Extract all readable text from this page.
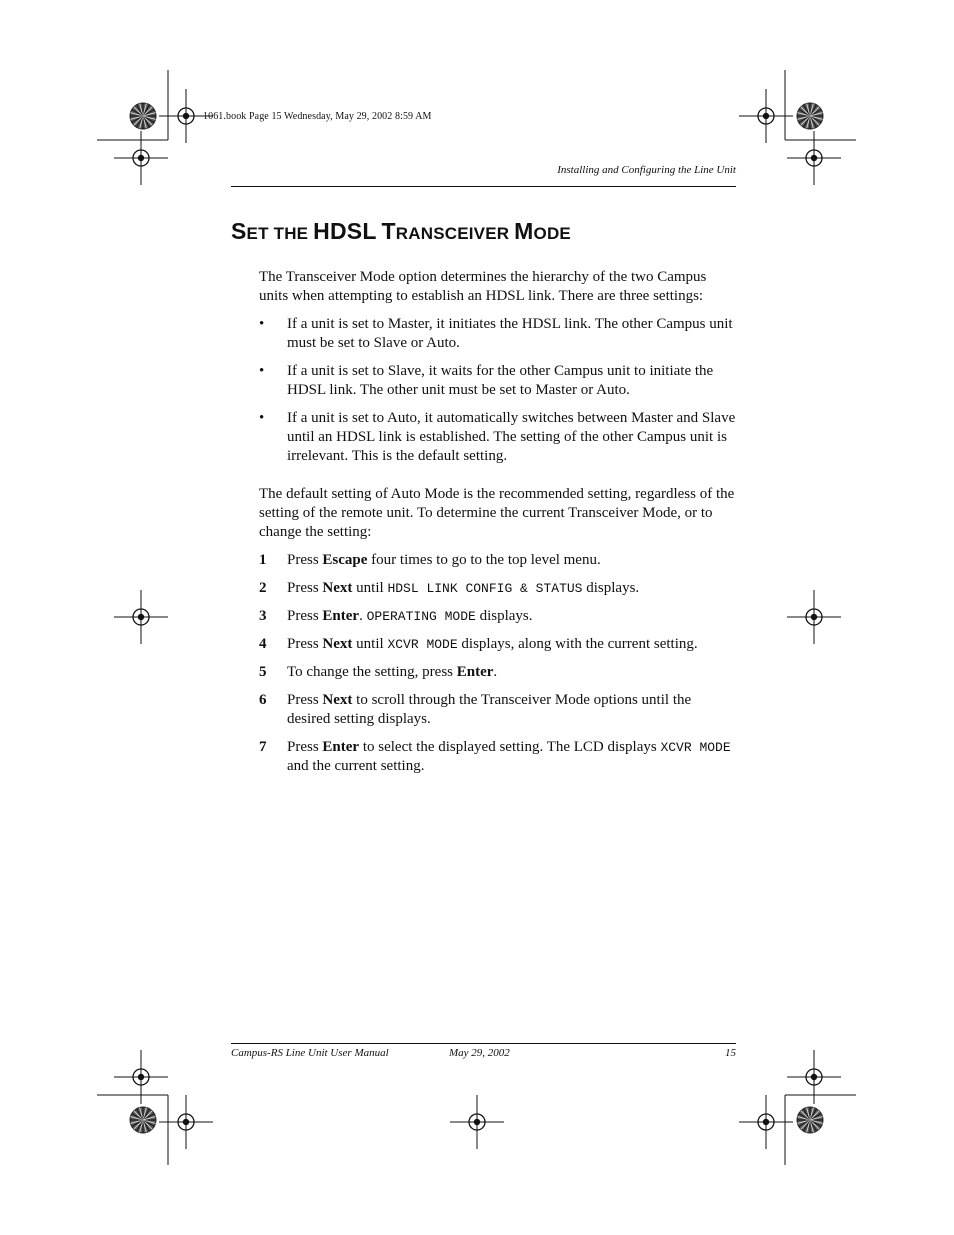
1061.book Page 15 Wednesday, May 29, 2002 8:59 AM
Installing and Configuring the Line Unit
SET THE HDSL TRANSCEIVER MODE

The Transceiver Mode option determines the hierarchy of the two Campus units when attempting to establish an HDSL link. There are three settings:

• If a unit is set to Master, it initiates the HDSL link. The other Campus unit must be set to Slave or Auto.
• If a unit is set to Slave, it waits for the other Campus unit to initiate the HDSL link. The other unit must be set to Master or Auto.
• If a unit is set to Auto, it automatically switches between Master and Slave until an HDSL link is established. The setting of the other Campus unit is irrelevant. This is the default setting.

The default setting of Auto Mode is the recommended setting, regardless of the setting of the remote unit. To determine the current Transceiver Mode, or to change the setting:

1 Press Escape four times to go to the top level menu.
2 Press Next until HDSL LINK CONFIG & STATUS displays.
3 Press Enter. OPERATING MODE displays.
4 Press Next until XCVR MODE displays, along with the current setting.
5 To change the setting, press Enter.
6 Press Next to scroll through the Transceiver Mode options until the desired setting displays.
7 Press Enter to select the displayed setting. The LCD displays XCVR MODE and the current setting.
Campus-RS Line Unit User Manual	May 29, 2002	15
